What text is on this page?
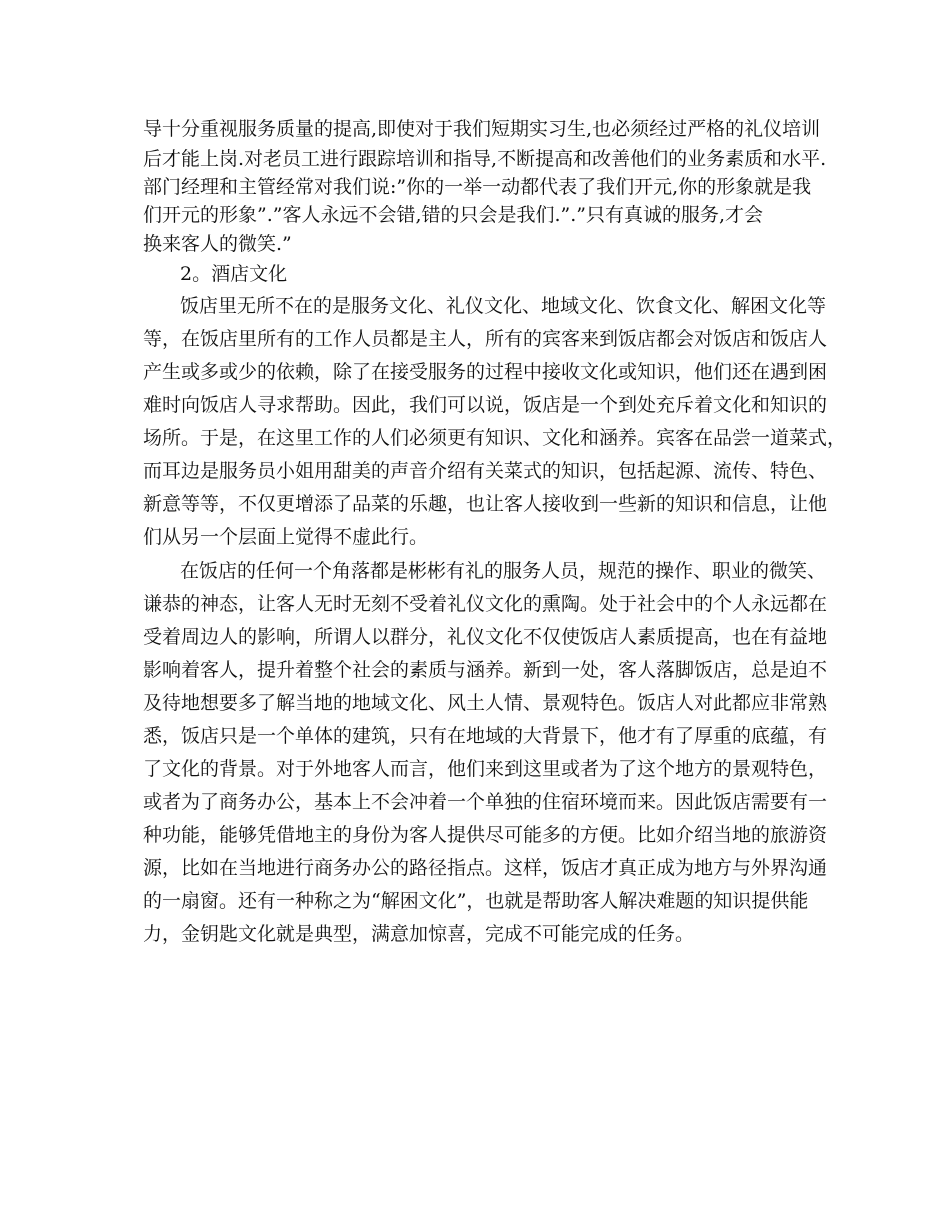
导十分重视服务质量的提高,即使对于我们短期实习生,也必须经过严格的礼仪培训
后才能上岗.对老员工进行跟踪培训和指导,不断提高和改善他们的业务素质和水平.
部门经理和主管经常对我们说:”你的一举一动都代表了我们开元,你的形象就是我
们开元的形象”.”客人永远不会错,错的只会是我们.”.”只有真诚的服务,才会
换来客人的微笑.”
2。酒店文化
饭店里无所不在的是服务文化、礼仪文化、地域文化、饮食文化、解困文化等
等，在饭店里所有的工作人员都是主人，所有的宾客来到饭店都会对饭店和饭店人
产生或多或少的依赖，除了在接受服务的过程中接收文化或知识，他们还在遇到困
难时向饭店人寻求帮助。因此，我们可以说，饭店是一个到处充斥着文化和知识的
场所。于是，在这里工作的人们必须更有知识、文化和涵养。宾客在品尝一道菜式，
而耳边是服务员小姐用甜美的声音介绍有关菜式的知识，包括起源、流传、特色、
新意等等，不仅更增添了品菜的乐趣，也让客人接收到一些新的知识和信息，让他
们从另一个层面上觉得不虚此行。
在饭店的任何一个角落都是彬彬有礼的服务人员，规范的操作、职业的微笑、
谦恭的神态，让客人无时无刻不受着礼仪文化的熏陶。处于社会中的个人永远都在
受着周边人的影响，所谓人以群分，礼仪文化不仅使饭店人素质提高，也在有益地
影响着客人，提升着整个社会的素质与涵养。新到一处，客人落脚饭店，总是迫不
及待地想要多了解当地的地域文化、风土人情、景观特色。饭店人对此都应非常熟
悉，饭店只是一个单体的建筑，只有在地域的大背景下，他才有了厚重的底蕴，有
了文化的背景。对于外地客人而言，他们来到这里或者为了这个地方的景观特色，
或者为了商务办公，基本上不会冲着一个单独的住宿环境而来。因此饭店需要有一
种功能，能够凭借地主的身份为客人提供尽可能多的方便。比如介绍当地的旅游资
源，比如在当地进行商务办公的路径指点。这样，饭店才真正成为地方与外界沟通
的一扇窗。还有一种称之为“解困文化”，也就是帮助客人解决难题的知识提供能
力，金钥匙文化就是典型，满意加惊喜，完成不可能完成的任务。
